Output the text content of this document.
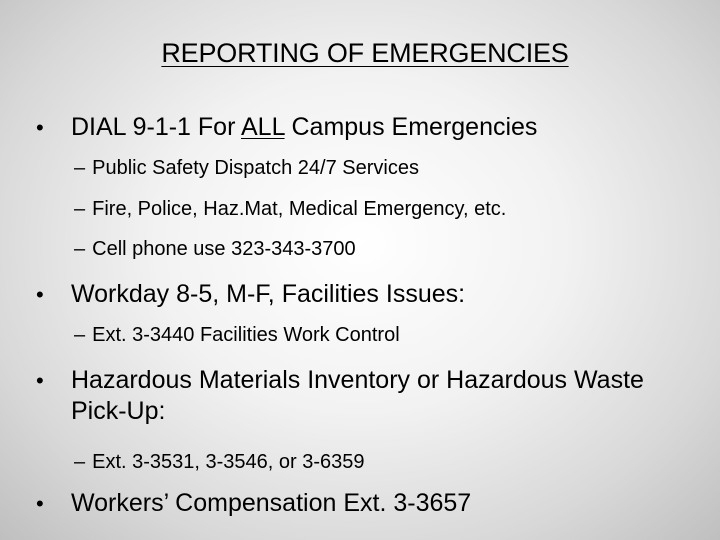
REPORTING OF EMERGENCIES
• DIAL 9-1-1 For ALL Campus Emergencies
– Public Safety Dispatch 24/7 Services
– Fire, Police, Haz.Mat, Medical Emergency, etc.
– Cell phone use 323-343-3700
• Workday 8-5, M-F, Facilities Issues:
– Ext. 3-3440 Facilities Work Control
• Hazardous Materials Inventory or Hazardous Waste Pick-Up:
– Ext. 3-3531, 3-3546, or 3-6359
• Workers’ Compensation Ext. 3-3657
